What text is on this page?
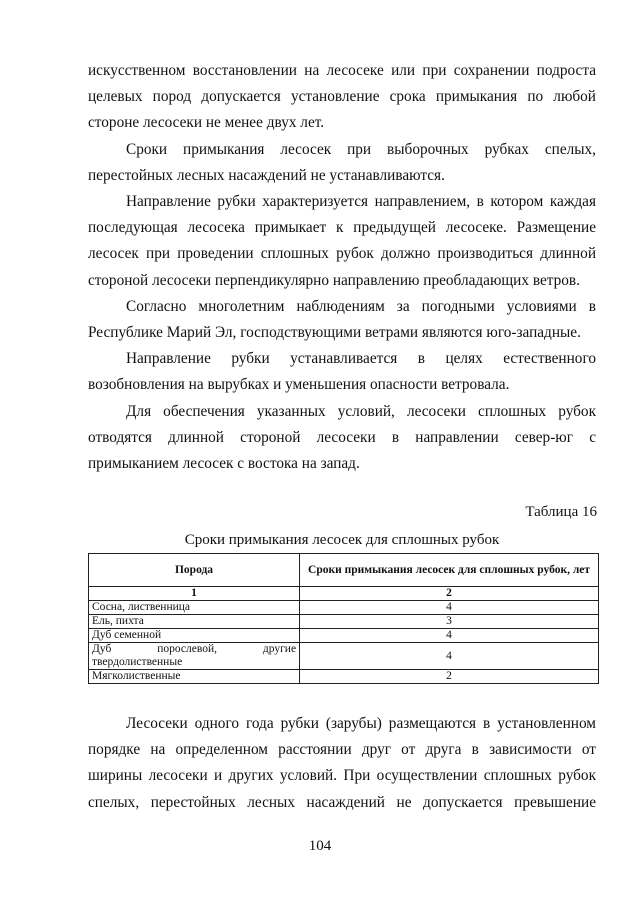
искусственном восстановлении на лесосеке или при сохранении подроста целевых пород допускается установление срока примыкания по любой стороне лесосеки не менее двух лет.

Сроки примыкания лесосек при выборочных рубках спелых, перестойных лесных насаждений не устанавливаются.

Направление рубки характеризуется направлением, в котором каждая последующая лесосека примыкает к предыдущей лесосеке. Размещение лесосек при проведении сплошных рубок должно производиться длинной стороной лесосеки перпендикулярно направлению преобладающих ветров.

Согласно многолетним наблюдениям за погодными условиями в Республике Марий Эл, господствующими ветрами являются юго-западные.

Направление рубки устанавливается в целях естественного возобновления на вырубках и уменьшения опасности ветровала.

Для обеспечения указанных условий, лесосеки сплошных рубок отводятся длинной стороной лесосеки в направлении север-юг с примыканием лесосек с востока на запад.

Таблица 16
Сроки примыкания лесосек для сплошных рубок
Порода	Сроки примыкания лесосек для сплошных рубок, лет
1	2
Сосна, лиственница	4
Ель, пихта	3
Дуб семенной	4
Дуб порослевой, другие твердолиственные	4
Мягколиственные	2

Лесосеки одного года рубки (зарубы) размещаются в установленном порядке на определенном расстоянии друг от друга в зависимости от ширины лесосеки и других условий. При осуществлении сплошных рубок спелых, перестойных лесных насаждений не допускается превышение

104
